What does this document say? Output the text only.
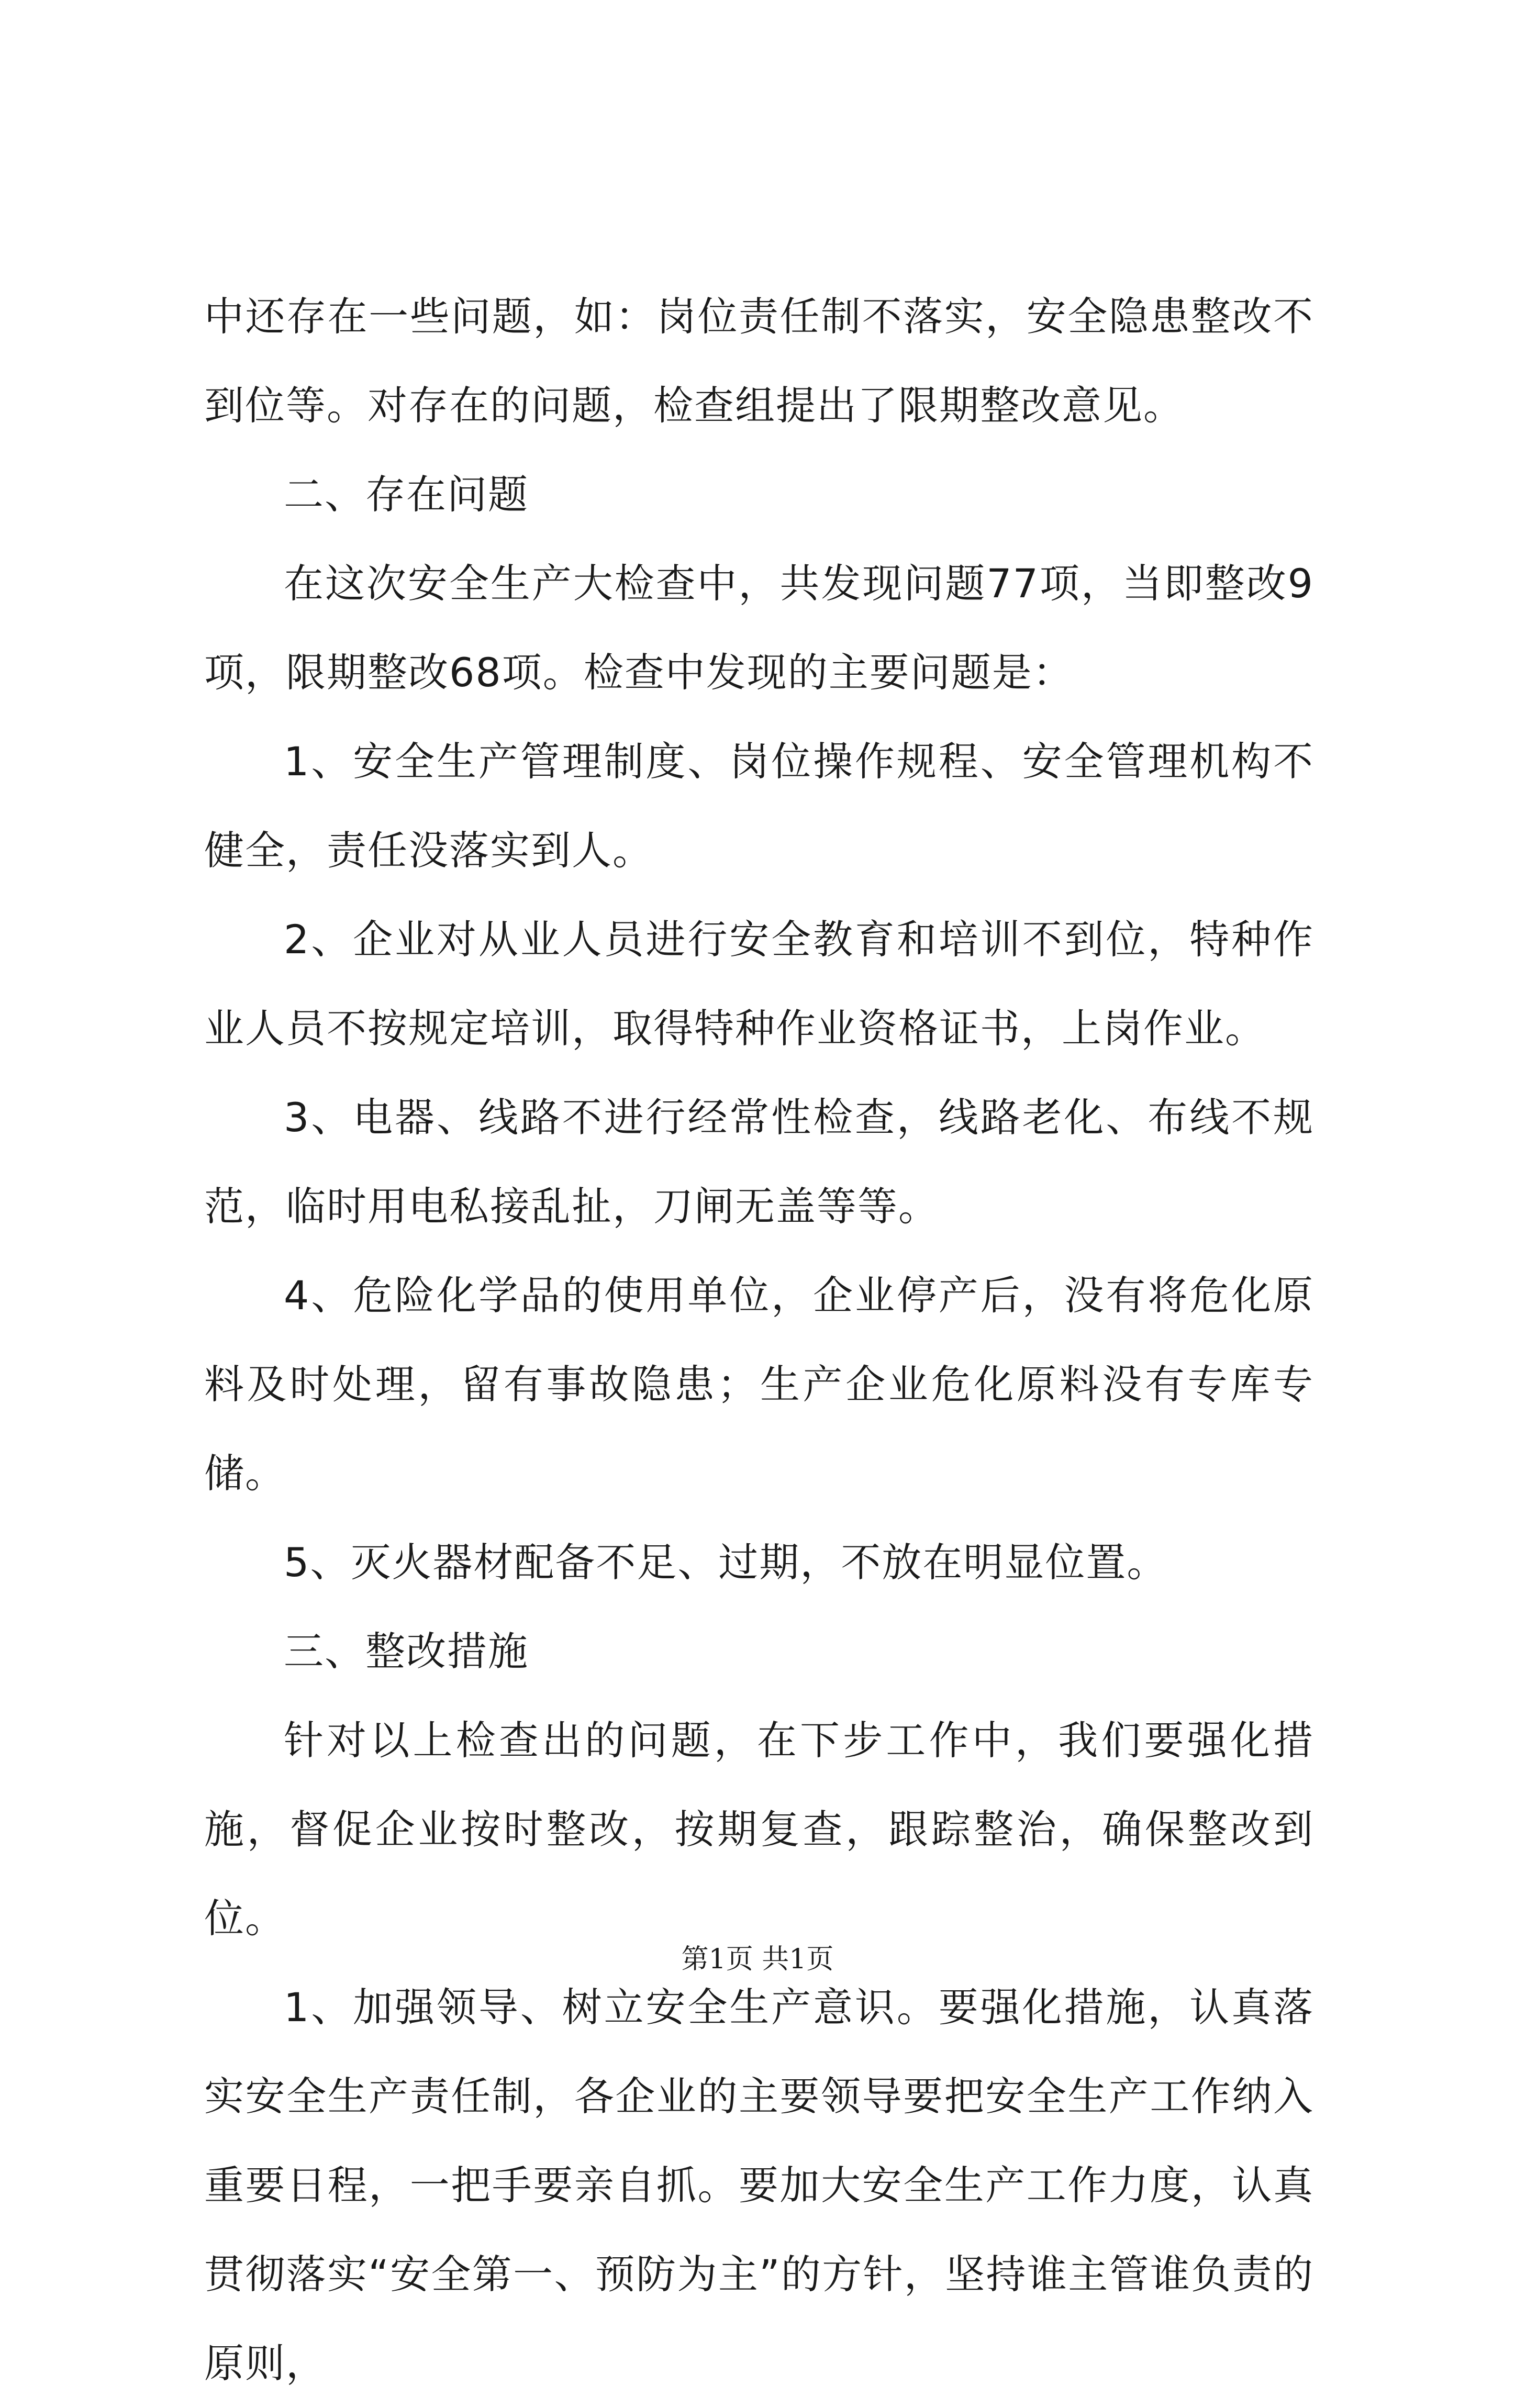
中还存在一些问题，如：岗位责任制不落实，安全隐患整改不到位等。对存在的问题，检查组提出了限期整改意见。

二、存在问题

在这次安全生产大检查中，共发现问题77项，当即整改9项，限期整改68项。检查中发现的主要问题是：

1、安全生产管理制度、岗位操作规程、安全管理机构不健全，责任没落实到人。

2、企业对从业人员进行安全教育和培训不到位，特种作业人员不按规定培训，取得特种作业资格证书，上岗作业。

3、电器、线路不进行经常性检查，线路老化、布线不规范，临时用电私接乱扯，刀闸无盖等等。

4、危险化学品的使用单位，企业停产后，没有将危化原料及时处理，留有事故隐患；生产企业危化原料没有专库专储。

5、灭火器材配备不足、过期，不放在明显位置。

三、整改措施

针对以上检查出的问题，在下步工作中，我们要强化措施，督促企业按时整改，按期复查，跟踪整治，确保整改到位。

1、加强领导、树立安全生产意识。要强化措施，认真落实安全生产责任制，各企业的主要领导要把安全生产工作纳入重要日程，一把手要亲自抓。要加大安全生产工作力度，认真贯彻落实“安全第一、预防为主”的方针，坚持谁主管谁负责的原则，

第1页 共1页
